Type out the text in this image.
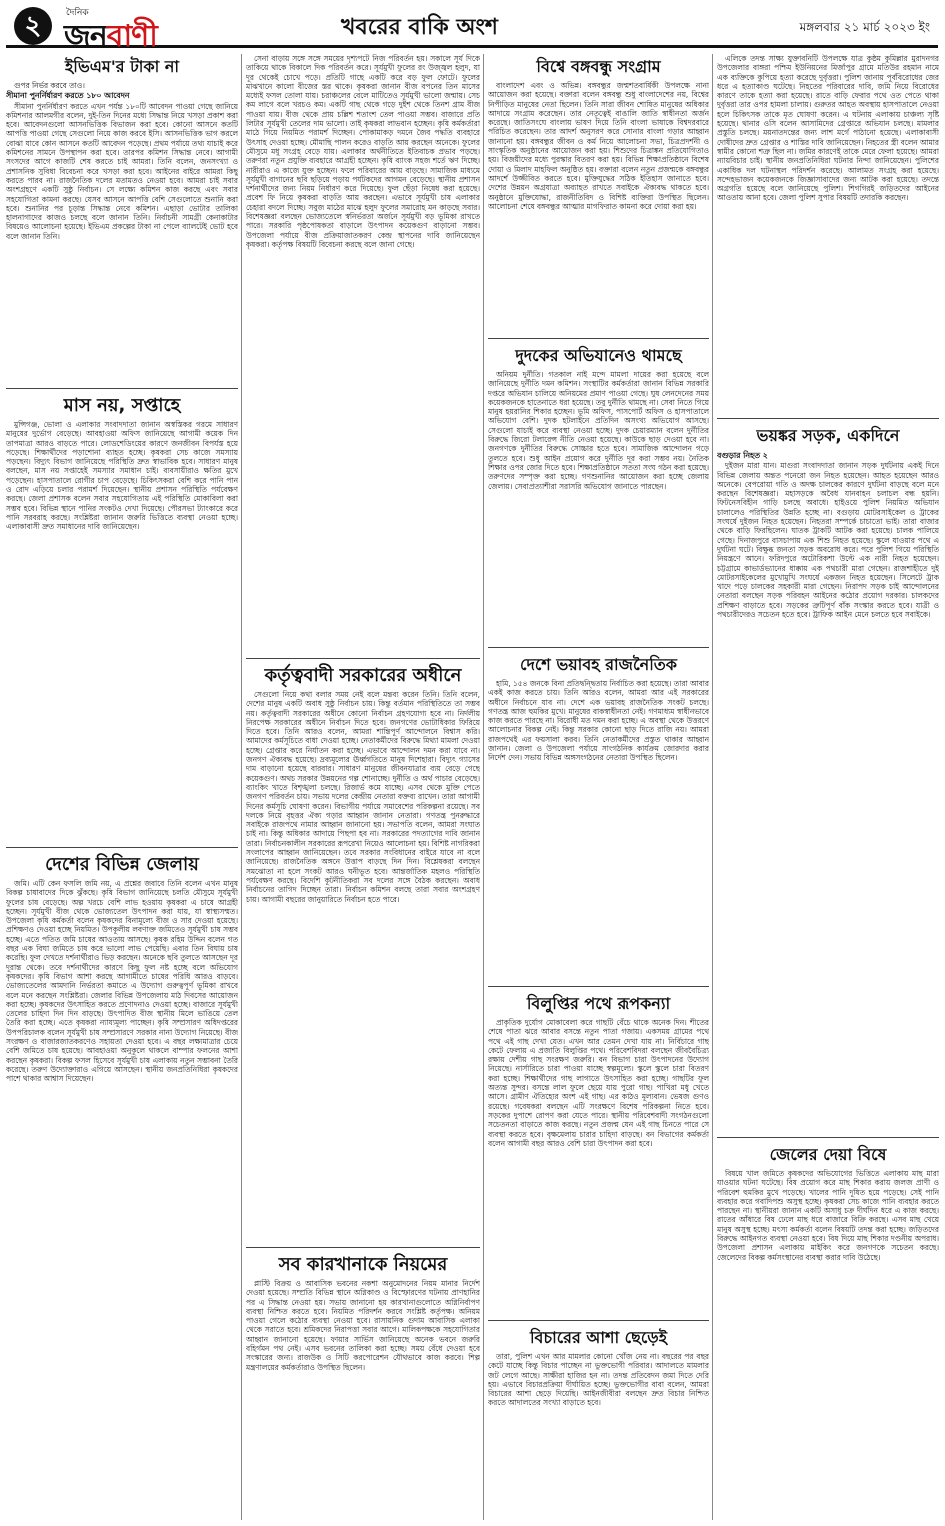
২	দৈনিক
জনবাণী	খবরের বাকি অংশ	মঙ্গলবার ২১ মার্চ ২০২৩ ইং
ইভিএম'র টাকা না
গুপর নির্ভর করবে তাও।
সীমানা পুনর্নির্ধারণ করতে ১৮০ আবেদন
সীমানা পুনর্নির্ধারণ করতে এখন পর্যন্ত ১৮০টি আবেদন পাওয়া গেছে জানিয়ে কমিশনার আলমগীর বলেন, দুই-তিন দিনের মধ্যে সিদ্ধান্ত নিয়ে খসড়া প্রকাশ করা হবে। আবেদনগুলো আসনভিত্তিক বিভাজন করা হবে। কোনো আসনে কতটি আপত্তি পাওয়া গেছে সেগুলো নিয়ে কাজ করবে ইসি। আসনভিত্তিক ভাগ করলে বোঝা যাবে কোন আসনে কতটি আবেদন পড়েছে। প্রথম পর্যায়ে তথ্য যাচাই করে কমিশনের সামনে উপস্থাপন করা হবে। তারপর কমিশন সিদ্ধান্ত নেবে। আগামী সংসদের আগে কাজটি শেষ করতে চাই আমরা। তিনি বলেন, জনসংখ্যা ও প্রশাসনিক সুবিধা বিবেচনা করে খসড়া করা হবে। আইনের বাইরে আমরা কিছু করতে পারব না। রাজনৈতিক দলের মতামতও নেওয়া হবে। আমরা চাই সবার অংশগ্রহণে একটি সুষ্ঠু নির্বাচন। সে লক্ষ্যে কমিশন কাজ করছে এবং সবার সহযোগিতা কামনা করছে। যেসব আসনে আপত্তি বেশি সেগুলোতে শুনানি করা হবে। শুনানির পর চূড়ান্ত সিদ্ধান্ত নেবে কমিশন। এছাড়া ভোটার তালিকা হালনাগাদের কাজও চলছে বলে জানান তিনি। নির্বাচনী সামগ্রী কেনাকাটার বিষয়েও আলোচনা হয়েছে। ইভিএম প্রকল্পের টাকা না পেলে ব্যালটেই ভোট হবে বলে জানান তিনি।
মাস নয়, সপ্তাহে
মুন্সিগঞ্জ, ভোলা ও এলাকার সংবাদদাতা জানান অস্বস্তিকর গরমে সাধারণ মানুষের দুর্ভোগ বেড়েছে। আবহাওয়া অফিস জানিয়েছে আগামী কয়েক দিন তাপমাত্রা আরও বাড়তে পারে। লোডশেডিংয়ের কারণে জনজীবন বিপর্যস্ত হয়ে পড়েছে। শিক্ষার্থীদের পড়াশোনা ব্যাহত হচ্ছে। কৃষকরা সেচ কাজে সমস্যায় পড়ছেন। বিদ্যুৎ বিভাগ জানিয়েছে পরিস্থিতি দ্রুত স্বাভাবিক হবে। সাধারণ মানুষ বলছেন, মাস নয় সপ্তাহেই সমস্যার সমাধান চাই। ব্যবসায়ীরাও ক্ষতির মুখে পড়েছেন। হাসপাতালে রোগীর চাপ বেড়েছে। চিকিৎসকরা বেশি করে পানি পান ও রোদ এড়িয়ে চলার পরামর্শ দিয়েছেন। স্থানীয় প্রশাসন পরিস্থিতি পর্যবেক্ষণ করছে। জেলা প্রশাসক বলেন সবার সহযোগিতায় এই পরিস্থিতি মোকাবিলা করা সম্ভব হবে। বিভিন্ন স্থানে পানির সংকটও দেখা দিয়েছে। পৌরসভা ট্যাংকারে করে পানি সরবরাহ করছে। সংশ্লিষ্টরা জানান জরুরি ভিত্তিতে ব্যবস্থা নেওয়া হচ্ছে। এলাকাবাসী দ্রুত সমাধানের দাবি জানিয়েছেন।
দেশের বিভিন্ন জেলায়
জমি। এটি কেন ফসলি জমি নয়, এ প্রশ্নের জবাবে তিনি বলেন এখন মানুষ বিকল্প চাষাবাদের দিকে ঝুঁকছে। কৃষি বিভাগ জানিয়েছে চলতি মৌসুমে সূর্যমুখী ফুলের চাষ বেড়েছে। অল্প খরচে বেশি লাভ হওয়ায় কৃষকরা এ চাষে আগ্রহী হচ্ছেন। সূর্যমুখী বীজ থেকে ভোজ্যতেল উৎপাদন করা যায়, যা স্বাস্থ্যসম্মত। উপজেলা কৃষি কর্মকর্তা বলেন কৃষকদের বিনামূল্যে বীজ ও সার দেওয়া হয়েছে। প্রশিক্ষণও দেওয়া হচ্ছে নিয়মিত। উপকূলীয় লবণাক্ত জমিতেও সূর্যমুখী চাষ সম্ভব হচ্ছে। এতে পতিত জমি চাষের আওতায় আসছে। কৃষক রহিম উদ্দিন বলেন গত বছর এক বিঘা জমিতে চাষ করে ভালো লাভ পেয়েছি। এবার তিন বিঘায় চাষ করেছি। ফুল দেখতে দর্শনার্থীরাও ভিড় করছেন। অনেকে ছবি তুলতে আসছেন দূর দূরান্ত থেকে। তবে দর্শনার্থীদের কারণে কিছু ফুল নষ্ট হচ্ছে বলে অভিযোগ কৃষকদের। কৃষি বিভাগ আশা করছে আগামীতে চাষের পরিধি আরও বাড়বে। ভোজ্যতেলের আমদানি নির্ভরতা কমাতে এ উদ্যোগ গুরুত্বপূর্ণ ভূমিকা রাখবে বলে মনে করছেন সংশ্লিষ্টরা। জেলার বিভিন্ন উপজেলায় মাঠ দিবসের আয়োজন করা হচ্ছে। কৃষকদের উৎসাহিত করতে প্রণোদনাও দেওয়া হচ্ছে। বাজারে সূর্যমুখী তেলের চাহিদা দিন দিন বাড়ছে। উৎপাদিত বীজ স্থানীয় মিলে ভাঙিয়ে তেল তৈরি করা হচ্ছে। এতে কৃষকরা ন্যায্যমূল্য পাচ্ছেন। কৃষি সম্প্রসারণ অধিদপ্তরের উপপরিচালক বলেন সূর্যমুখী চাষ সম্প্রসারণে সরকার নানা উদ্যোগ নিয়েছে। বীজ সংরক্ষণ ও বাজারজাতকরণেও সহায়তা দেওয়া হবে। এ বছর লক্ষ্যমাত্রার চেয়ে বেশি জমিতে চাষ হয়েছে। আবহাওয়া অনুকূলে থাকলে বাম্পার ফলনের আশা করছেন কৃষকরা। বিকল্প ফসল হিসেবে সূর্যমুখী চাষ এলাকায় নতুন সম্ভাবনা তৈরি করেছে। তরুণ উদ্যোক্তারাও এগিয়ে আসছেন। স্থানীয় জনপ্রতিনিধিরা কৃষকদের পাশে থাকার আশ্বাস দিয়েছেন।
সেনা বাড়ায় সঙ্গে সঙ্গে সময়ের দৃশ্যপটে নিজ পরিবর্তন হয়। সকালে সূর্য দিকে তাকিয়ে থাকে বিকালে দিক পরিবর্তন করে। সূর্যমুখী ফুলের রং উজ্জ্বল হলুদ, যা দূর থেকেই চোখে পড়ে। প্রতিটি গাছে একটি করে বড় ফুল ফোটে। ফুলের মাঝখানে কালো বীজের স্তর থাকে। কৃষকরা জানান বীজ বপনের তিন মাসের মধ্যেই ফসল তোলা যায়। চরাঞ্চলের বেলে মাটিতেও সূর্যমুখী ভালো জন্মায়। সেচ কম লাগে বলে খরচও কম। একটি গাছ থেকে গড়ে দুইশ থেকে তিনশ গ্রাম বীজ পাওয়া যায়। বীজ থেকে প্রায় চল্লিশ শতাংশ তেল পাওয়া সম্ভব। বাজারে প্রতি লিটার সূর্যমুখী তেলের দাম ভালো। তাই কৃষকরা লাভবান হচ্ছেন। কৃষি কর্মকর্তারা মাঠে গিয়ে নিয়মিত পরামর্শ দিচ্ছেন। পোকামাকড় দমনে জৈব পদ্ধতি ব্যবহারে উৎসাহ দেওয়া হচ্ছে। মৌমাছি পালন করেও বাড়তি আয় করছেন অনেকে। ফুলের মৌসুমে মধু সংগ্রহ বেড়ে যায়। এলাকার অর্থনীতিতে ইতিবাচক প্রভাব পড়ছে। তরুণরা নতুন প্রযুক্তি ব্যবহারে আগ্রহী হচ্ছেন। কৃষি ব্যাংক সহজ শর্তে ঋণ দিচ্ছে। নারীরাও এ কাজে যুক্ত হচ্ছেন। ফলে পরিবারের আয় বাড়ছে। সামাজিক মাধ্যমে সূর্যমুখী বাগানের ছবি ছড়িয়ে পড়ায় পর্যটকদের আগমন বেড়েছে। স্থানীয় প্রশাসন দর্শনার্থীদের জন্য নিয়ম নির্ধারণ করে দিয়েছে। ফুল ছেঁড়া নিষেধ করা হয়েছে। প্রবেশ ফি নিয়ে কৃষকরা বাড়তি আয় করছেন। এভাবে সূর্যমুখী চাষ এলাকার চেহারা বদলে দিচ্ছে। সবুজ মাঠের মাঝে হলুদ ফুলের সমারোহ মন কাড়ছে সবার। বিশেষজ্ঞরা বলছেন ভোজ্যতেলে স্বনির্ভরতা অর্জনে সূর্যমুখী বড় ভূমিকা রাখতে পারে। সরকারি পৃষ্ঠপোষকতা বাড়ালে উৎপাদন কয়েকগুণ বাড়ানো সম্ভব। উপজেলা পর্যায়ে বীজ প্রক্রিয়াজাতকরণ কেন্দ্র স্থাপনের দাবি জানিয়েছেন কৃষকরা। কর্তৃপক্ষ বিষয়টি বিবেচনা করছে বলে জানা গেছে।
কর্তৃত্ববাদী সরকারের অধীনে
সেগুলো নিয়ে কথা বলার সময় নেই বলে মন্তব্য করেন তিনি। তিনি বলেন, দেশের মানুষ একটি অবাধ সুষ্ঠু নির্বাচন চায়। কিন্তু বর্তমান পরিস্থিতিতে তা সম্ভব নয়। কর্তৃত্ববাদী সরকারের অধীনে কোনো নির্বাচন গ্রহণযোগ্য হবে না। নির্দলীয় নিরপেক্ষ সরকারের অধীনে নির্বাচন দিতে হবে। জনগণের ভোটাধিকার ফিরিয়ে দিতে হবে। তিনি আরও বলেন, আমরা শান্তিপূর্ণ আন্দোলনে বিশ্বাস করি। আমাদের কর্মসূচিতে বাধা দেওয়া হচ্ছে। নেতাকর্মীদের বিরুদ্ধে মিথ্যা মামলা দেওয়া হচ্ছে। গ্রেপ্তার করে নির্যাতন করা হচ্ছে। এভাবে আন্দোলন দমন করা যাবে না। জনগণ ঐক্যবদ্ধ হয়েছে। দ্রব্যমূল্যের ঊর্ধ্বগতিতে মানুষ দিশেহারা। বিদ্যুৎ গ্যাসের দাম বাড়ানো হয়েছে বারবার। সাধারণ মানুষের জীবনযাত্রার ব্যয় বেড়ে গেছে কয়েকগুণ। অথচ সরকার উন্নয়নের গল্প শোনাচ্ছে। দুর্নীতি ও অর্থ পাচার বেড়েছে। ব্যাংকিং খাতে বিশৃঙ্খলা চলছে। রিজার্ভ কমে যাচ্ছে। এসব থেকে মুক্তি পেতে জনগণ পরিবর্তন চায়। সভায় দলের কেন্দ্রীয় নেতারা বক্তব্য রাখেন। তারা আগামী দিনের কর্মসূচি ঘোষণা করেন। বিভাগীয় পর্যায়ে সমাবেশের পরিকল্পনা রয়েছে। সব দলকে নিয়ে বৃহত্তর ঐক্য গড়ার আহ্বান জানান নেতারা। গণতন্ত্র পুনরুদ্ধারে সবাইকে রাজপথে নামার আহ্বান জানানো হয়। সভাপতি বলেন, আমরা সংঘাত চাই না। কিন্তু অধিকার আদায়ে পিছপা হব না। সরকারের পদত্যাগের দাবি জানান তারা। নির্বাচনকালীন সরকারের রূপরেখা নিয়েও আলোচনা হয়। বিশিষ্ট নাগরিকরা সংলাপের আহ্বান জানিয়েছেন। তবে সরকার সংবিধানের বাইরে যাবে না বলে জানিয়েছে। রাজনৈতিক অঙ্গনে উত্তাপ বাড়ছে দিন দিন। বিশ্লেষকরা বলছেন সমঝোতা না হলে সংকট আরও ঘনীভূত হবে। আন্তর্জাতিক মহলও পরিস্থিতি পর্যবেক্ষণ করছে। বিদেশি কূটনীতিকরা সব দলের সঙ্গে বৈঠক করছেন। অবাধ নির্বাচনের তাগিদ দিচ্ছেন তারা। নির্বাচন কমিশন বলছে তারা সবার অংশগ্রহণ চায়। আগামী বছরের জানুয়ারিতে নির্বাচন হতে পারে।
সব কারখানাকে নিয়মের
প্লাস্টি বিক্রয় ও আবাসিক ভবনের নকশা অনুমোদনের নিয়ম মানার নির্দেশ দেওয়া হয়েছে। সম্প্রতি বিভিন্ন স্থানে অগ্নিকাণ্ড ও বিস্ফোরণের ঘটনায় প্রাণহানির পর এ সিদ্ধান্ত নেওয়া হয়। সভায় জানানো হয় কারখানাগুলোতে অগ্নিনির্বাপণ ব্যবস্থা নিশ্চিত করতে হবে। নিয়মিত পরিদর্শন করবে সংশ্লিষ্ট কর্তৃপক্ষ। অনিয়ম পাওয়া গেলে কঠোর ব্যবস্থা নেওয়া হবে। রাসায়নিক গুদাম আবাসিক এলাকা থেকে সরাতে হবে। শ্রমিকদের নিরাপত্তা সবার আগে। মালিকপক্ষকে সহযোগিতার আহ্বান জানানো হয়েছে। ফায়ার সার্ভিস জানিয়েছে অনেক ভবনে জরুরি বহির্গমন পথ নেই। এসব ভবনের তালিকা করা হচ্ছে। সময় বেঁধে দেওয়া হবে সংস্কারের জন্য। রাজউক ও সিটি করপোরেশন যৌথভাবে কাজ করবে। শিল্প মন্ত্রণালয়ের কর্মকর্তারাও উপস্থিত ছিলেন।
বিশ্বে বঙ্গবন্ধু সংগ্রাম
বাংলাদেশ এবং ও অভিন্ন। বঙ্গবন্ধুর জন্মশতবার্ষিকী উপলক্ষে নানা আয়োজন করা হয়েছে। বক্তারা বলেন বঙ্গবন্ধু শুধু বাংলাদেশের নয়, বিশ্বের নিপীড়িত মানুষের নেতা ছিলেন। তিনি সারা জীবন শোষিত মানুষের অধিকার আদায়ে সংগ্রাম করেছেন। তার নেতৃত্বেই বাঙালি জাতি স্বাধীনতা অর্জন করেছে। জাতিসংঘে বাংলায় ভাষণ দিয়ে তিনি বাংলা ভাষাকে বিশ্বদরবারে পরিচিত করেছেন। তার আদর্শ অনুসরণ করে সোনার বাংলা গড়ার আহ্বান জানানো হয়। বঙ্গবন্ধুর জীবন ও কর্ম নিয়ে আলোচনা সভা, চিত্রপ্রদর্শনী ও সাংস্কৃতিক অনুষ্ঠানের আয়োজন করা হয়। শিশুদের চিত্রাঙ্কন প্রতিযোগিতাও হয়। বিজয়ীদের মধ্যে পুরস্কার বিতরণ করা হয়। বিভিন্ন শিক্ষাপ্রতিষ্ঠানে বিশেষ দোয়া ও মিলাদ মাহফিল অনুষ্ঠিত হয়। বক্তারা বলেন নতুন প্রজন্মকে বঙ্গবন্ধুর আদর্শে উজ্জীবিত করতে হবে। মুক্তিযুদ্ধের সঠিক ইতিহাস জানাতে হবে। দেশের উন্নয়ন অগ্রযাত্রা অব্যাহত রাখতে সবাইকে ঐক্যবদ্ধ থাকতে হবে। অনুষ্ঠানে মুক্তিযোদ্ধা, রাজনীতিবিদ ও বিশিষ্ট ব্যক্তিরা উপস্থিত ছিলেন। আলোচনা শেষে বঙ্গবন্ধুর আত্মার মাগফিরাত কামনা করে দোয়া করা হয়।
দুদকের অভিযানেও থামছে
অনিয়ম দুর্নীতি। গতকাল নাই মন্দে মামলা দায়ের করা হয়েছে বলে জানিয়েছে দুর্নীতি দমন কমিশন। সংস্থাটির কর্মকর্তারা জানান বিভিন্ন সরকারি দপ্তরে অভিযান চালিয়ে অনিয়মের প্রমাণ পাওয়া গেছে। ঘুষ লেনদেনের সময় কয়েকজনকে হাতেনাতে ধরা হয়েছে। তবু দুর্নীতি থামছে না। সেবা নিতে গিয়ে মানুষ হয়রানির শিকার হচ্ছেন। ভূমি অফিস, পাসপোর্ট অফিস ও হাসপাতালে অভিযোগ বেশি। দুদক হটলাইনে প্রতিদিন অসংখ্য অভিযোগ আসছে। সেগুলো যাচাই করে ব্যবস্থা নেওয়া হচ্ছে। দুদক চেয়ারম্যান বলেন দুর্নীতির বিরুদ্ধে জিরো টলারেন্স নীতি নেওয়া হয়েছে। কাউকে ছাড় দেওয়া হবে না। জনগণকে দুর্নীতির বিরুদ্ধে সোচ্চার হতে হবে। সামাজিক আন্দোলন গড়ে তুলতে হবে। শুধু আইন প্রয়োগ করে দুর্নীতি দূর করা সম্ভব নয়। নৈতিক শিক্ষার ওপর জোর দিতে হবে। শিক্ষাপ্রতিষ্ঠানে সততা সংঘ গঠন করা হয়েছে। তরুণদের সম্পৃক্ত করা হচ্ছে। গণশুনানির আয়োজন করা হচ্ছে জেলায় জেলায়। সেবাপ্রত্যাশীরা সরাসরি অভিযোগ জানাতে পারছেন।
দেশে ভয়াবহ রাজনৈতিক
হামি, ১৫৪ জনকে বিনা প্রতিদ্বন্দ্বিতায় নির্বাচিত করা হয়েছে। তারা আবার একই কাজ করতে চায়। তিনি আরও বলেন, আমরা আর এই সরকারের অধীনে নির্বাচনে যাব না। দেশে এক ভয়াবহ রাজনৈতিক সংকট চলছে। গণতন্ত্র আজ হুমকির মুখে। মানুষের বাকস্বাধীনতা নেই। গণমাধ্যম স্বাধীনভাবে কাজ করতে পারছে না। বিরোধী মত দমন করা হচ্ছে। এ অবস্থা থেকে উত্তরণে আলোচনার বিকল্প নেই। কিন্তু সরকার কোনো ছাড় দিতে রাজি নয়। আমরা রাজপথেই এর ফয়সালা করব। তিনি নেতাকর্মীদের প্রস্তুত থাকার আহ্বান জানান। জেলা ও উপজেলা পর্যায়ে সাংগঠনিক কার্যক্রম জোরদার করার নির্দেশ দেন। সভায় বিভিন্ন অঙ্গসংগঠনের নেতারা উপস্থিত ছিলেন।
বিলুপ্তির পথে রূপকন্যা
প্রাকৃতিক দুর্যোগ মোকাবেলা করে গাছটি বেঁচে থাকে অনেক দিন। শীতের শেষে পাতা ঝরে আবার বসন্তে নতুন পাতা গজায়। একসময় গ্রামের পথে পথে এই গাছ দেখা যেত। এখন আর তেমন দেখা যায় না। নির্বিচারে গাছ কেটে ফেলায় এ প্রজাতি বিলুপ্তির পথে। পরিবেশবিদরা বলছেন জীববৈচিত্র্য রক্ষায় দেশীয় গাছ সংরক্ষণ জরুরি। বন বিভাগ চারা উৎপাদনের উদ্যোগ নিয়েছে। নার্সারিতে চারা পাওয়া যাচ্ছে স্বল্পমূল্যে। স্কুলে স্কুলে চারা বিতরণ করা হচ্ছে। শিক্ষার্থীদের গাছ লাগাতে উৎসাহিত করা হচ্ছে। গাছটির ফুল অত্যন্ত সুন্দর। বসন্তে লাল ফুলে ছেয়ে যায় পুরো গাছ। পাখিরা মধু খেতে আসে। গ্রামীণ ঐতিহ্যের অংশ এই গাছ। এর কাঠও মূল্যবান। ভেষজ গুণও রয়েছে। গবেষকরা বলছেন এটি সংরক্ষণে বিশেষ পরিকল্পনা নিতে হবে। সড়কের দুপাশে রোপণ করা যেতে পারে। স্থানীয় পরিবেশবাদী সংগঠনগুলো সচেতনতা বাড়াতে কাজ করছে। নতুন প্রজন্ম যেন এই গাছ চিনতে পারে সে ব্যবস্থা করতে হবে। বৃক্ষমেলায় চারার চাহিদা বাড়ছে। বন বিভাগের কর্মকর্তা বলেন আগামী বছর আরও বেশি চারা উৎপাদন করা হবে।
বিচারের আশা ছেড়েই
তারা, পুলিশ এখন আর মামলার কোনো খোঁজ নেয় না। বছরের পর বছর কেটে যাচ্ছে কিন্তু বিচার পাচ্ছেন না ভুক্তভোগী পরিবার। আদালতে মামলার জট লেগে আছে। সাক্ষীরা হাজির হন না। তদন্ত প্রতিবেদন জমা দিতে দেরি হয়। এভাবে বিচারপ্রক্রিয়া দীর্ঘায়িত হচ্ছে। ভুক্তভোগীর বাবা বলেন, আমরা বিচারের আশা ছেড়ে দিয়েছি। আইনজীবীরা বলছেন দ্রুত বিচার নিশ্চিত করতে আদালতের সংখ্যা বাড়াতে হবে।
এলিকে তদন্ত সাক্ষ্য যুক্তাবনিটি উপলক্ষে যাত্র কুষ্ঠম কুমিল্লার মুরাদনগর উপজেলার বাঙ্গরা পশ্চিম ইউনিয়নের মির্জাপুর গ্রামে মতিউর রহমান নামে এক ব্যক্তিকে কুপিয়ে হত্যা করেছে দুর্বৃত্তরা। পুলিশ জানায় পূর্ববিরোধের জের ধরে এ হত্যাকাণ্ড ঘটেছে। নিহতের পরিবারের দাবি, জমি নিয়ে বিরোধের কারণে তাকে হত্যা করা হয়েছে। রাতে বাড়ি ফেরার পথে ওত পেতে থাকা দুর্বৃত্তরা তার ওপর হামলা চালায়। গুরুতর আহত অবস্থায় হাসপাতালে নেওয়া হলে চিকিৎসক তাকে মৃত ঘোষণা করেন। এ ঘটনায় এলাকায় চাঞ্চল্য সৃষ্টি হয়েছে। থানার ওসি বলেন আসামিদের গ্রেপ্তারে অভিযান চলছে। মামলার প্রস্তুতি চলছে। ময়নাতদন্তের জন্য লাশ মর্গে পাঠানো হয়েছে। এলাকাবাসী দোষীদের দ্রুত গ্রেপ্তার ও শাস্তির দাবি জানিয়েছেন। নিহতের স্ত্রী বলেন আমার স্বামীর কোনো শত্রু ছিল না। জমির কারণেই তাকে মেরে ফেলা হয়েছে। আমরা ন্যায়বিচার চাই। স্থানীয় জনপ্রতিনিধিরা ঘটনার নিন্দা জানিয়েছেন। পুলিশের একাধিক দল ঘটনাস্থল পরিদর্শন করেছে। আলামত সংগ্রহ করা হয়েছে। সন্দেহভাজন কয়েকজনকে জিজ্ঞাসাবাদের জন্য আটক করা হয়েছে। তদন্তে অগ্রগতি হয়েছে বলে জানিয়েছে পুলিশ। শিগগিরই জড়িতদের আইনের আওতায় আনা হবে। জেলা পুলিশ সুপার বিষয়টি তদারকি করছেন।
ভয়ঙ্কর সড়ক, একদিনে
বগুড়ার নিহত ২
দুইজন মারা যান। মাগুরা সংবাদদাতা জানান সড়ক দুর্ঘটনায় একই দিনে বিভিন্ন জেলায় অন্তত পনেরো জন নিহত হয়েছেন। আহত হয়েছেন আরও অনেকে। বেপরোয়া গতি ও অদক্ষ চালকের কারণে দুর্ঘটনা বাড়ছে বলে মনে করছেন বিশেষজ্ঞরা। মহাসড়কে অবৈধ যানবাহন চলাচল বন্ধ হয়নি। ফিটনেসবিহীন গাড়ি চলছে অবাধে। হাইওয়ে পুলিশ নিয়মিত অভিযান চালালেও পরিস্থিতির উন্নতি হচ্ছে না। বগুড়ায় মোটরসাইকেল ও ট্রাকের সংঘর্ষে দুইজন নিহত হয়েছেন। নিহতরা সম্পর্কে চাচাতো ভাই। তারা বাজার থেকে বাড়ি ফিরছিলেন। ঘাতক ট্রাকটি আটক করা হয়েছে। চালক পালিয়ে গেছে। দিনাজপুরে বাসচাপায় এক শিশু নিহত হয়েছে। স্কুলে যাওয়ার পথে এ দুর্ঘটনা ঘটে। বিক্ষুব্ধ জনতা সড়ক অবরোধ করে। পরে পুলিশ গিয়ে পরিস্থিতি নিয়ন্ত্রণে আনে। ফরিদপুরে অটোরিকশা উল্টে এক নারী নিহত হয়েছেন। চট্টগ্রামে কাভার্ডভ্যানের ধাক্কায় এক পথচারী মারা গেছেন। রাজশাহীতে দুই মোটরসাইকেলের মুখোমুখি সংঘর্ষে একজন নিহত হয়েছেন। সিলেটে ট্রাক খাদে পড়ে চালকের সহকারী মারা গেছেন। নিরাপদ সড়ক চাই আন্দোলনের নেতারা বলছেন সড়ক পরিবহন আইনের কঠোর প্রয়োগ দরকার। চালকদের প্রশিক্ষণ বাড়াতে হবে। সড়কের ত্রুটিপূর্ণ বাঁক সংস্কার করতে হবে। যাত্রী ও পথচারীদেরও সচেতন হতে হবে। ট্রাফিক আইন মেনে চলতে হবে সবাইকে।
জেলের দেয়া বিষে
বিষয়ে খাল জমিতে কৃষকদের অভিযোগের ভিত্তিতে এলাকায় মাছ মারা যাওয়ার ঘটনা ঘটেছে। বিষ প্রয়োগ করে মাছ শিকার করায় জলজ প্রাণী ও পরিবেশ হুমকির মুখে পড়েছে। খালের পানি দূষিত হয়ে পড়েছে। সেই পানি ব্যবহার করে গবাদিপশু অসুস্থ হচ্ছে। কৃষকরা সেচ কাজে পানি ব্যবহার করতে পারছেন না। স্থানীয়রা জানান একটি অসাধু চক্র দীর্ঘদিন ধরে এ কাজ করছে। রাতের আঁধারে বিষ ঢেলে মাছ ধরে বাজারে বিক্রি করছে। এসব মাছ খেয়ে মানুষ অসুস্থ হচ্ছে। মৎস্য কর্মকর্তা বলেন বিষয়টি তদন্ত করা হচ্ছে। জড়িতদের বিরুদ্ধে আইনগত ব্যবস্থা নেওয়া হবে। বিষ দিয়ে মাছ শিকার দণ্ডনীয় অপরাধ। উপজেলা প্রশাসন এলাকায় মাইকিং করে জনগণকে সচেতন করছে। জেলেদের বিকল্প কর্মসংস্থানের ব্যবস্থা করার দাবি উঠেছে।
